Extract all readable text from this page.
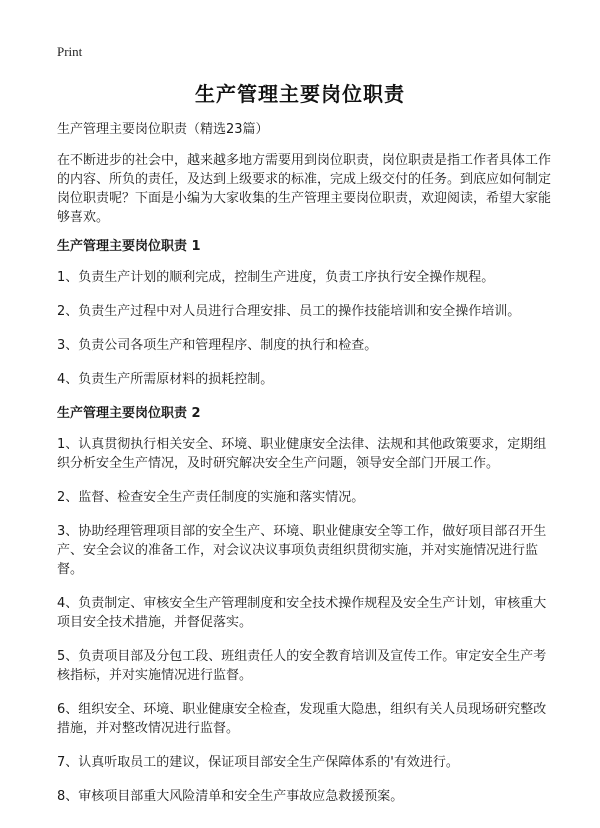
Print
生产管理主要岗位职责
生产管理主要岗位职责（精选23篇）
在不断进步的社会中，越来越多地方需要用到岗位职责，岗位职责是指工作者具体工作的内容、所负的责任，及达到上级要求的标准，完成上级交付的任务。到底应如何制定岗位职责呢？下面是小编为大家收集的生产管理主要岗位职责，欢迎阅读，希望大家能够喜欢。
生产管理主要岗位职责 1
1、负责生产计划的顺利完成，控制生产进度，负责工序执行安全操作规程。
2、负责生产过程中对人员进行合理安排、员工的操作技能培训和安全操作培训。
3、负责公司各项生产和管理程序、制度的执行和检查。
4、负责生产所需原材料的损耗控制。
生产管理主要岗位职责 2
1、认真贯彻执行相关安全、环境、职业健康安全法律、法规和其他政策要求，定期组织分析安全生产情况，及时研究解决安全生产问题，领导安全部门开展工作。
2、监督、检查安全生产责任制度的实施和落实情况。
3、协助经理管理项目部的安全生产、环境、职业健康安全等工作，做好项目部召开生产、安全会议的准备工作，对会议决议事项负责组织贯彻实施，并对实施情况进行监督。
4、负责制定、审核安全生产管理制度和安全技术操作规程及安全生产计划，审核重大项目安全技术措施，并督促落实。
5、负责项目部及分包工段、班组责任人的安全教育培训及宣传工作。审定安全生产考核指标，并对实施情况进行监督。
6、组织安全、环境、职业健康安全检查，发现重大隐患，组织有关人员现场研究整改措施，并对整改情况进行监督。
7、认真听取员工的建议，保证项目部安全生产保障体系的'有效进行。
8、审核项目部重大风险清单和安全生产事故应急救援预案。
